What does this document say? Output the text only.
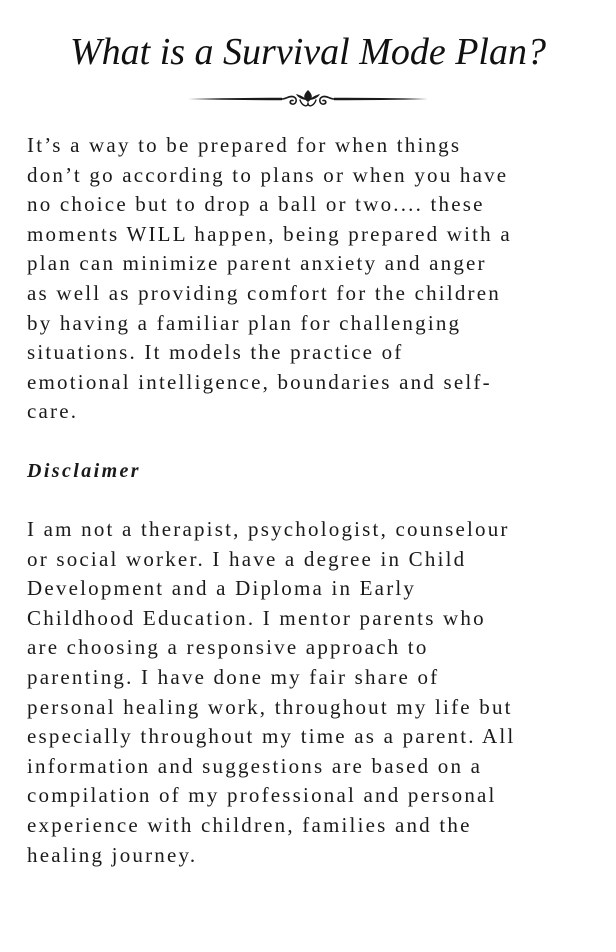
What is a Survival Mode Plan?
It’s a way to be prepared for when things
don’t go according to plans or when you have
no choice but to drop a ball or two.... these
moments WILL happen, being prepared with a
plan can minimize parent anxiety and anger
as well as providing comfort for the children
by having a familiar plan for challenging
situations. It models the practice of
emotional intelligence, boundaries and self-
care.
Disclaimer
I am not a therapist, psychologist, counselour
or social worker. I have a degree in Child
Development and a Diploma in Early
Childhood Education. I mentor parents who
are choosing a responsive approach to
parenting. I have done my fair share of
personal healing work, throughout my life but
especially throughout my time as a parent. All
information and suggestions are based on a
compilation of my professional and personal
experience with children, families and the
healing journey.
